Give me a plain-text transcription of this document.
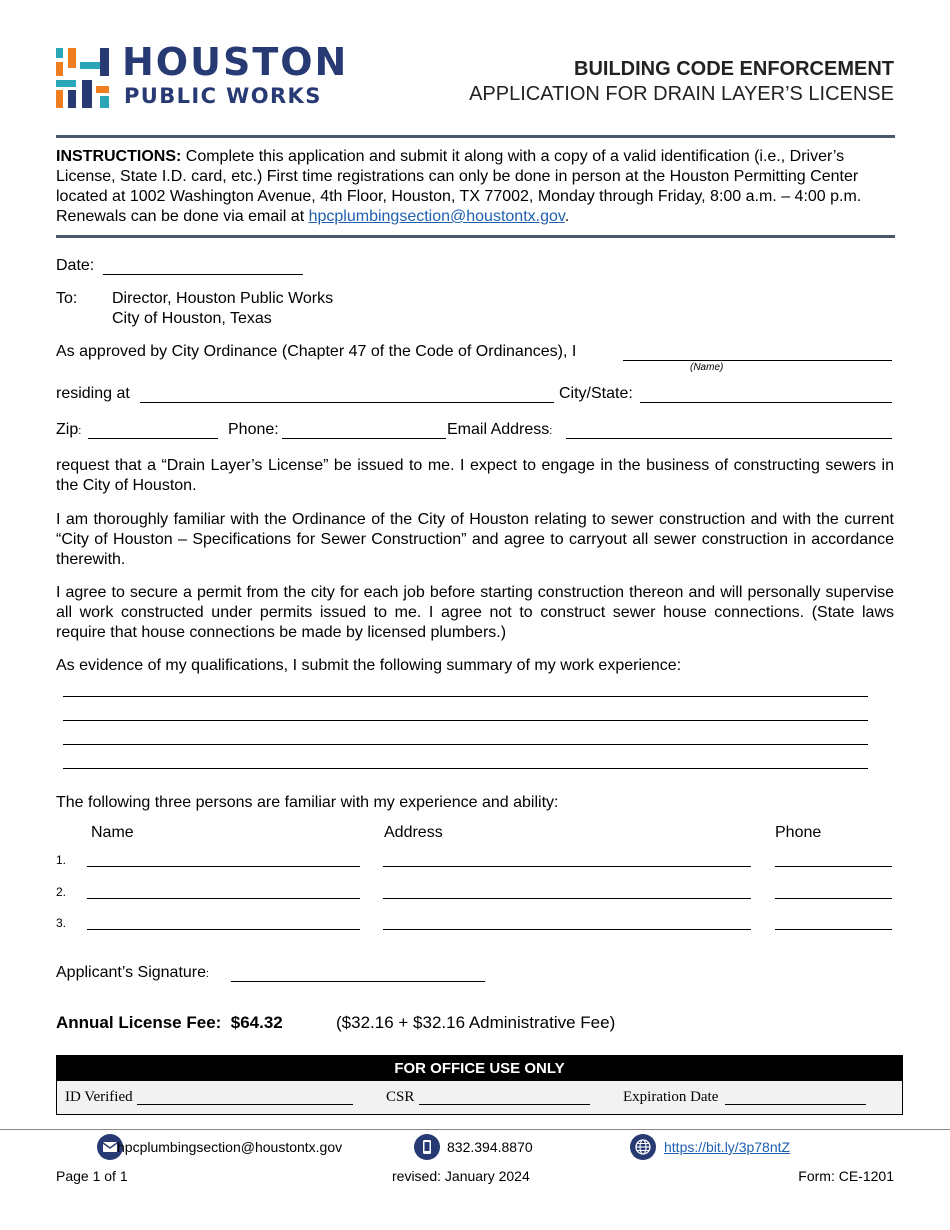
HOUSTON
PUBLIC WORKS
BUILDING CODE ENFORCEMENT
APPLICATION FOR DRAIN LAYER’S LICENSE
INSTRUCTIONS: Complete this application and submit it along with a copy of a valid identification (i.e., Driver’s License, State I.D. card, etc.) First time registrations can only be done in person at the Houston Permitting Center located at 1002 Washington Avenue, 4th Floor, Houston, TX 77002, Monday through Friday, 8:00 a.m. – 4:00 p.m. Renewals can be done via email at hpcplumbingsection@houstontx.gov.
Date:
To: Director, Houston Public Works
City of Houston, Texas
As approved by City Ordinance (Chapter 47 of the Code of Ordinances), I
(Name)
residing at	City/State:
Zip:	Phone:	Email Address:
request that a “Drain Layer’s License” be issued to me. I expect to engage in the business of constructing sewers in the City of Houston.
I am thoroughly familiar with the Ordinance of the City of Houston relating to sewer construction and with the current “City of Houston – Specifications for Sewer Construction” and agree to carryout all sewer construction in accordance therewith.
I agree to secure a permit from the city for each job before starting construction thereon and will personally supervise all work constructed under permits issued to me. I agree not to construct sewer house connections. (State laws require that house connections be made by licensed plumbers.)
As evidence of my qualifications, I submit the following summary of my work experience:
The following three persons are familiar with my experience and ability:
Name	Address	Phone
1.
2.
3.
Applicant’s Signature:
Annual License Fee:  $64.32	($32.16 + $32.16 Administrative Fee)
FOR OFFICE USE ONLY
ID Verified	CSR	Expiration Date
hpcplumbingsection@houstontx.gov	832.394.8870	https://bit.ly/3p78ntZ
Page 1 of 1	revised: January 2024	Form: CE-1201
